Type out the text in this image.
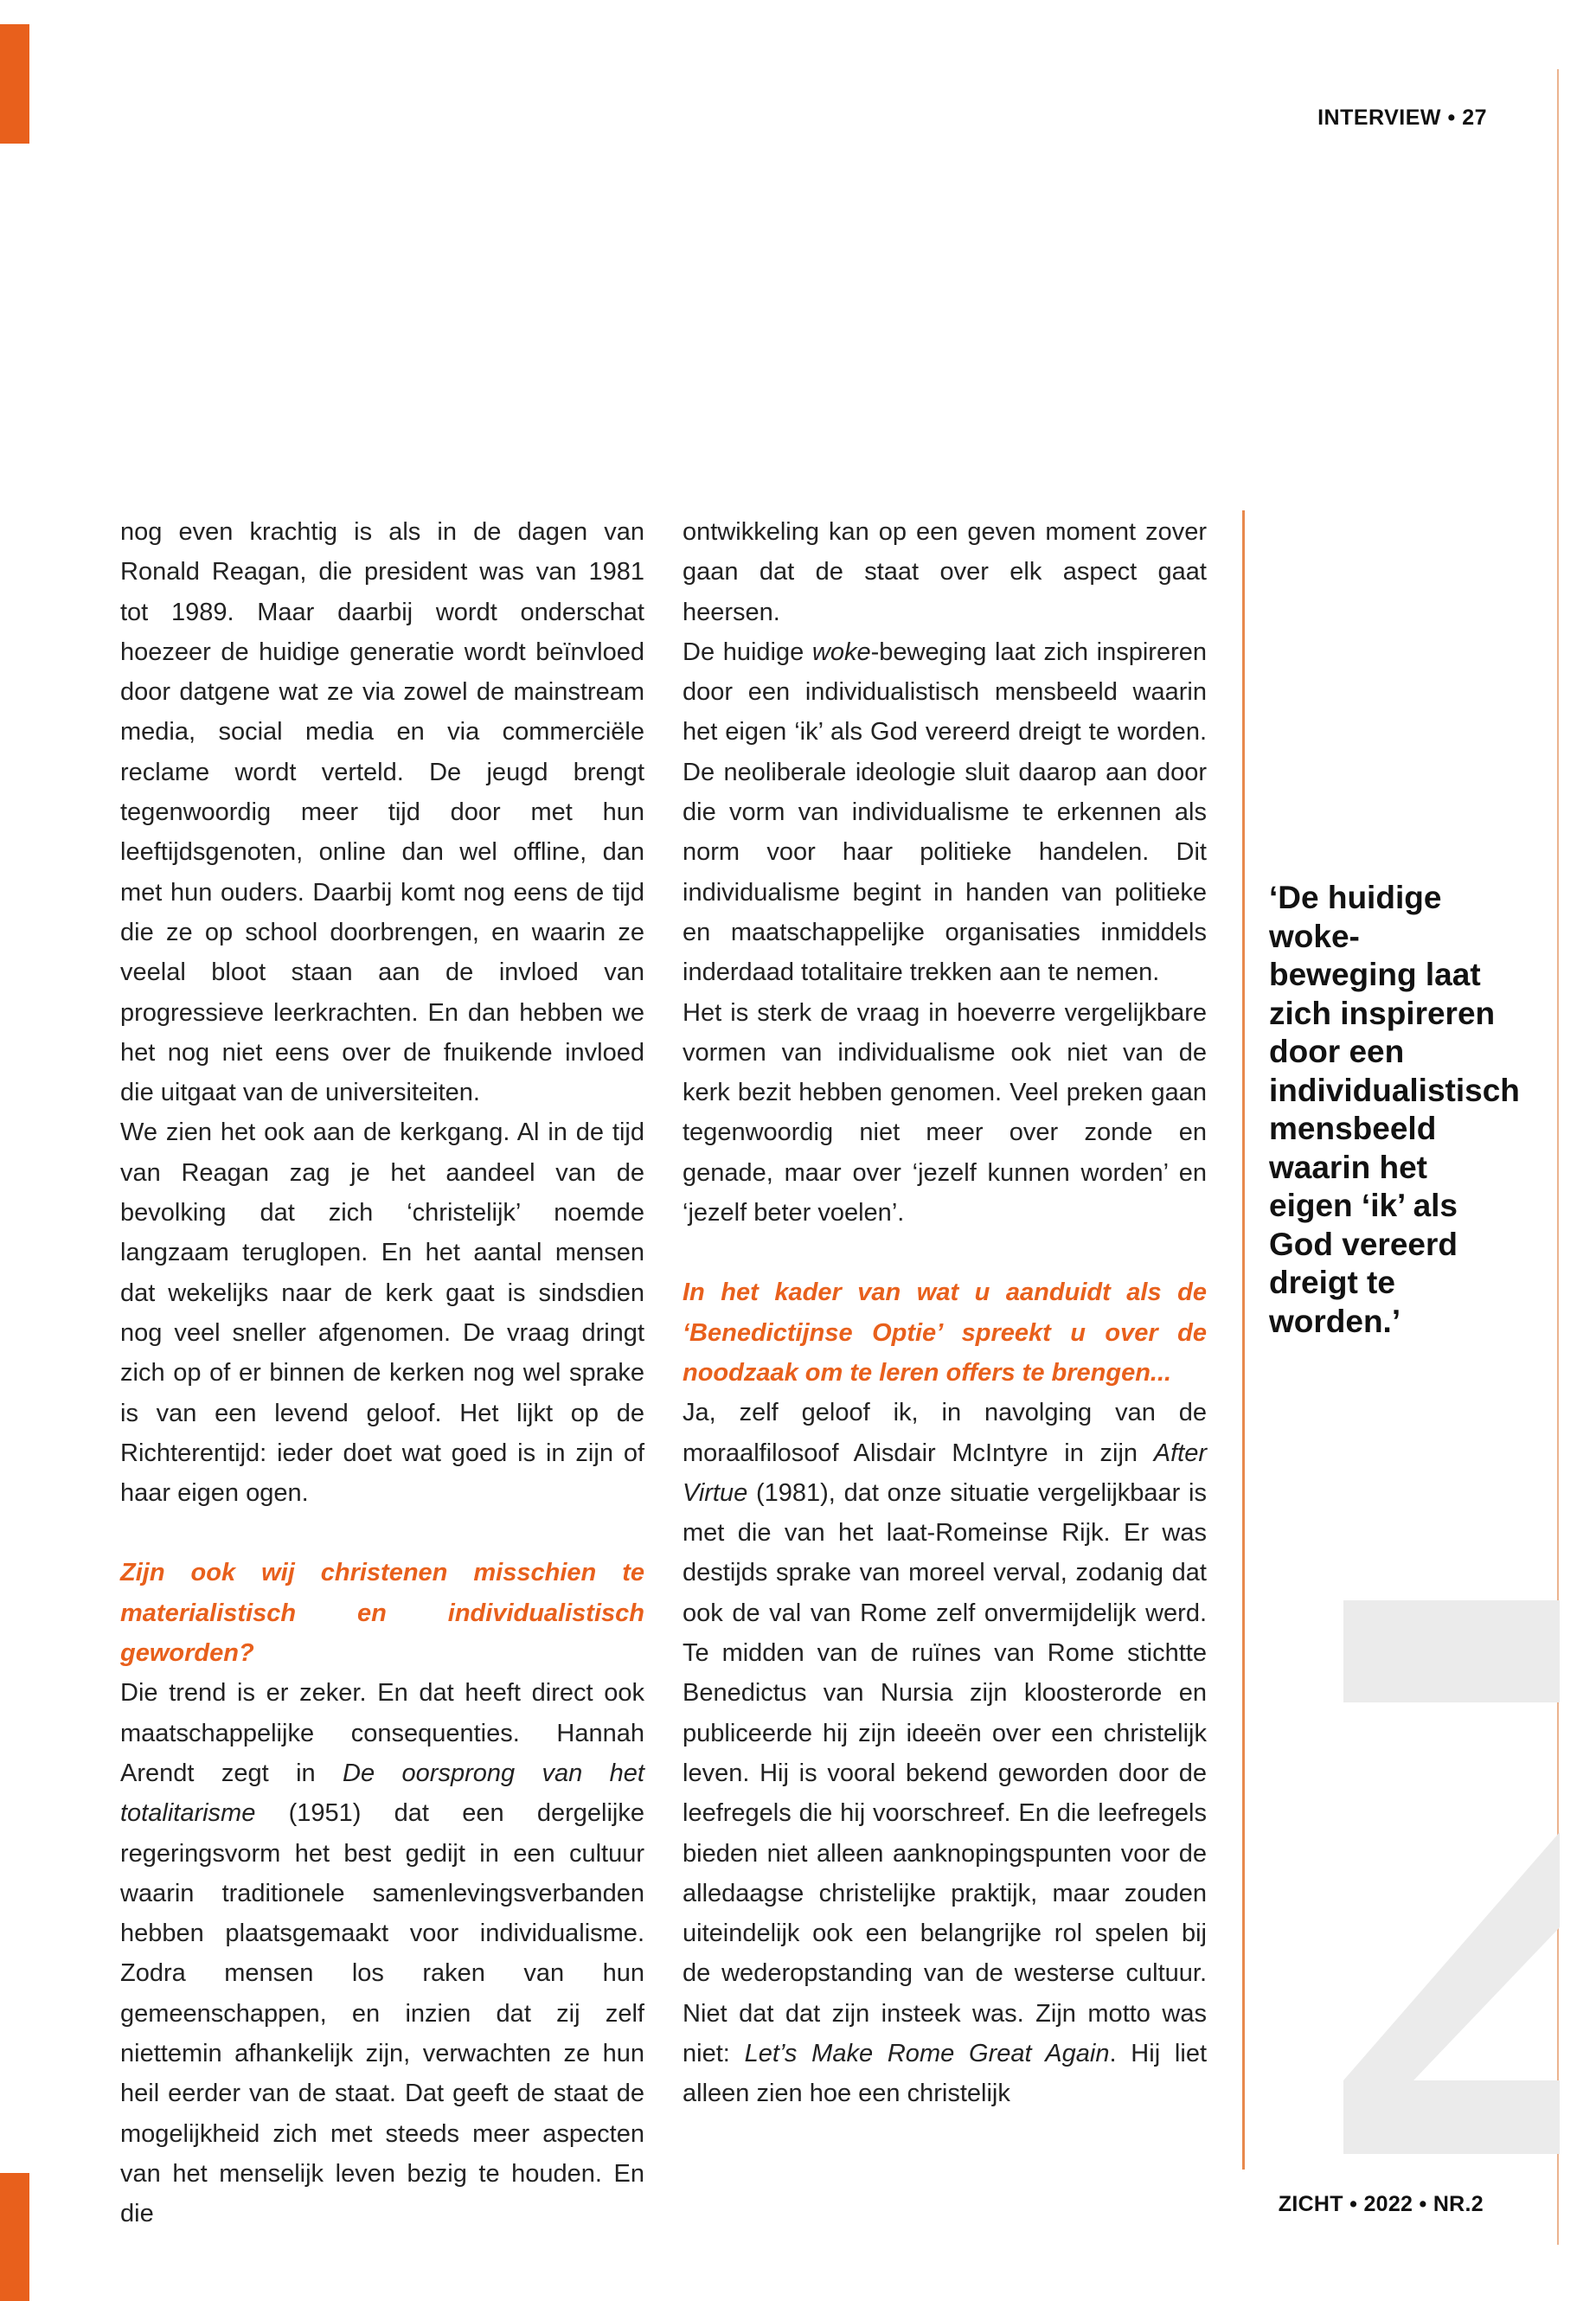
INTERVIEW • 27

nog even krachtig is als in de dagen van Ronald Reagan, die president was van 1981 tot 1989. Maar daarbij wordt onderschat hoezeer de huidige generatie wordt beïnvloed door datgene wat ze via zowel de mainstream media, social media en via commerciële reclame wordt verteld. De jeugd brengt tegenwoordig meer tijd door met hun leeftijdsgenoten, online dan wel offline, dan met hun ouders. Daarbij komt nog eens de tijd die ze op school doorbrengen, en waarin ze veelal bloot staan aan de invloed van progressieve leerkrachten. En dan hebben we het nog niet eens over de fnuikende invloed die uitgaat van de universiteiten.

We zien het ook aan de kerkgang. Al in de tijd van Reagan zag je het aandeel van de bevolking dat zich ‘christelijk’ noemde langzaam teruglopen. En het aantal mensen dat wekelijks naar de kerk gaat is sindsdien nog veel sneller afgenomen. De vraag dringt zich op of er binnen de kerken nog wel sprake is van een levend geloof. Het lijkt op de Richterentijd: ieder doet wat goed is in zijn of haar eigen ogen.

Zijn ook wij christenen misschien te materialistisch en individualistisch geworden?

Die trend is er zeker. En dat heeft direct ook maatschappelijke consequenties. Hannah Arendt zegt in De oorsprong van het totalitarisme (1951) dat een dergelijke regeringsvorm het best gedijt in een cultuur waarin traditionele samenlevingsverbanden hebben plaatsgemaakt voor individualisme. Zodra mensen los raken van hun gemeenschappen, en inzien dat zij zelf niettemin afhankelijk zijn, verwachten ze hun heil eerder van de staat. Dat geeft de staat de mogelijkheid zich met steeds meer aspecten van het menselijk leven bezig te houden. En die

ontwikkeling kan op een geven moment zover gaan dat de staat over elk aspect gaat heersen.

De huidige woke-beweging laat zich inspireren door een individualistisch mensbeeld waarin het eigen ‘ik’ als God vereerd dreigt te worden. De neoliberale ideologie sluit daarop aan door die vorm van individualisme te erkennen als norm voor haar politieke handelen. Dit individualisme begint in handen van politieke en maatschappelijke organisaties inmiddels inderdaad totalitaire trekken aan te nemen.

Het is sterk de vraag in hoeverre vergelijkbare vormen van individualisme ook niet van de kerk bezit hebben genomen. Veel preken gaan tegenwoordig niet meer over zonde en genade, maar over ‘jezelf kunnen worden’ en ‘jezelf beter voelen’.

In het kader van wat u aanduidt als de ‘Benedictijnse Optie’ spreekt u over de noodzaak om te leren offers te brengen...

Ja, zelf geloof ik, in navolging van de moraalfilosoof Alisdair McIntyre in zijn After Virtue (1981), dat onze situatie vergelijkbaar is met die van het laat-Romeinse Rijk. Er was destijds sprake van moreel verval, zodanig dat ook de val van Rome zelf onvermijdelijk werd. Te midden van de ruïnes van Rome stichtte Benedictus van Nursia zijn kloosterorde en publiceerde hij zijn ideeën over een christelijk leven. Hij is vooral bekend geworden door de leefregels die hij voorschreef. En die leefregels bieden niet alleen aanknopingspunten voor de alledaagse christelijke praktijk, maar zouden uiteindelijk ook een belangrijke rol spelen bij de wederopstanding van de westerse cultuur. Niet dat dat zijn insteek was. Zijn motto was niet: Let’s Make Rome Great Again. Hij liet alleen zien hoe een christelijk

‘De huidige woke-beweging laat zich inspireren door een individualistisch mensbeeld waarin het eigen ‘ik’ als God vereerd dreigt te worden.’
ZICHT • 2022 • NR.2
